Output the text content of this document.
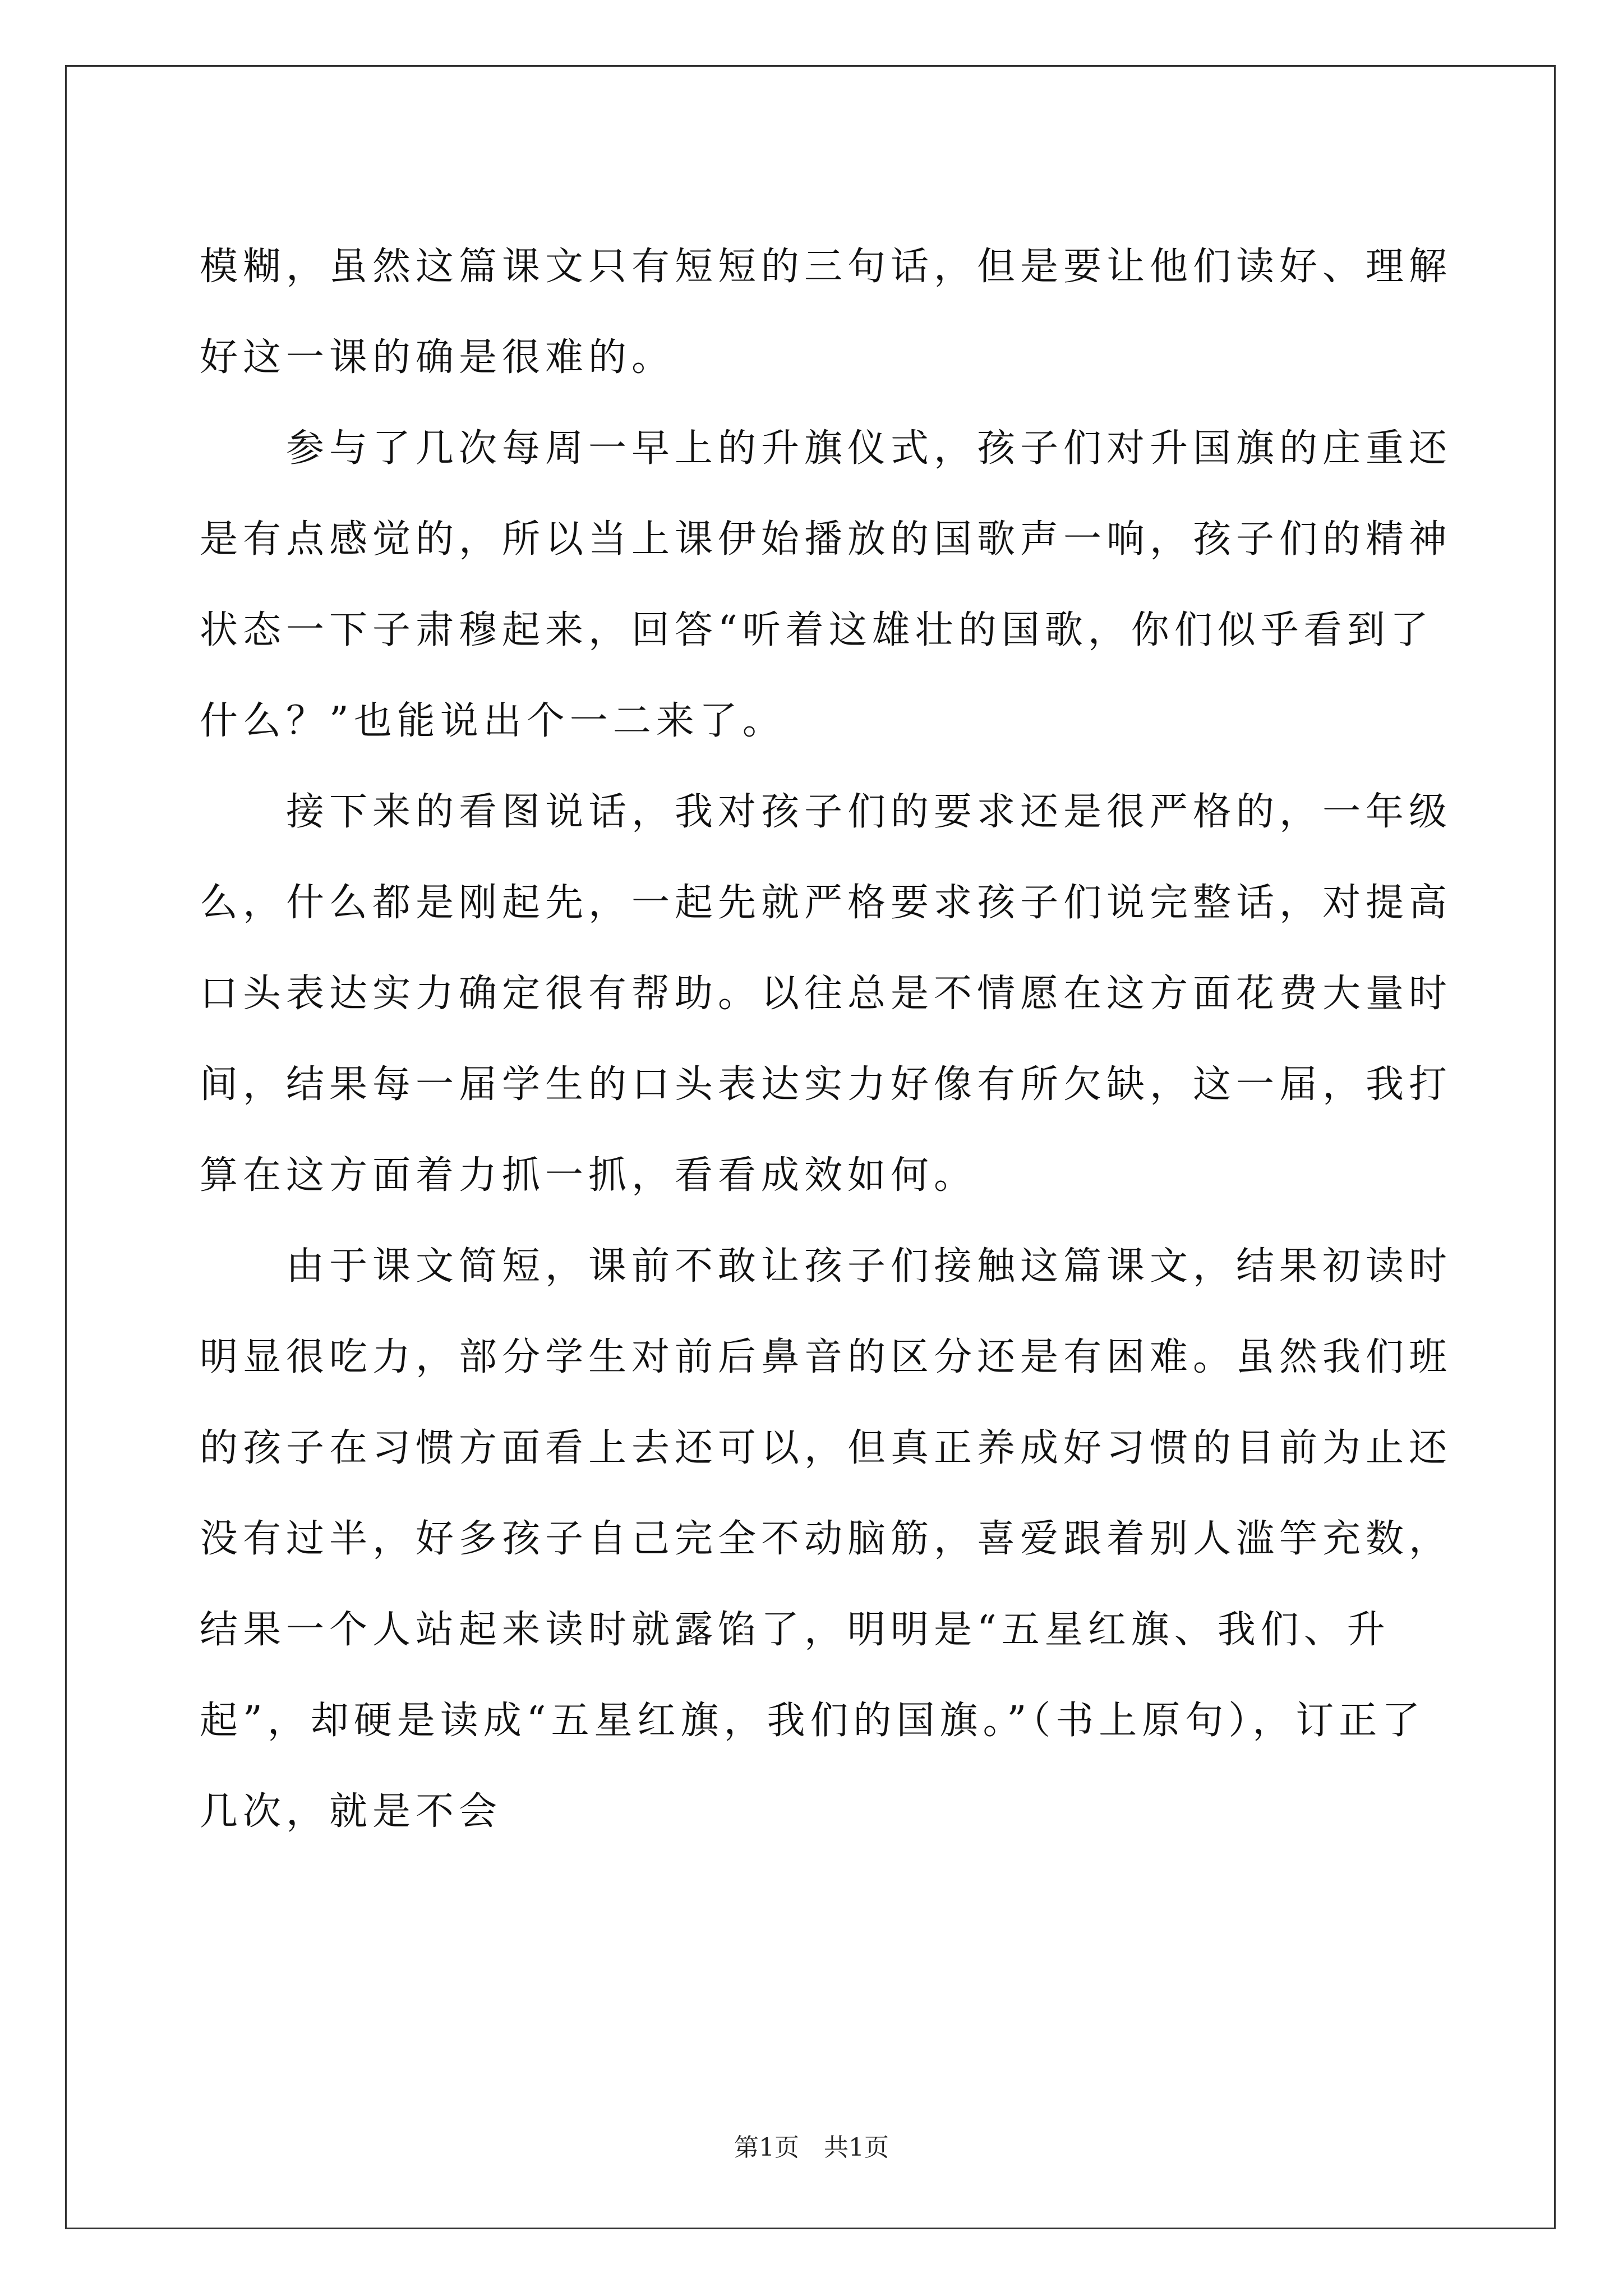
模糊，虽然这篇课文只有短短的三句话，但是要让他们读好、理解好这一课的确是很难的。

参与了几次每周一早上的升旗仪式，孩子们对升国旗的庄重还是有点感觉的，所以当上课伊始播放的国歌声一响，孩子们的精神状态一下子肃穆起来，回答“听着这雄壮的国歌，你们似乎看到了什么？”也能说出个一二来了。

接下来的看图说话，我对孩子们的要求还是很严格的，一年级么，什么都是刚起先，一起先就严格要求孩子们说完整话，对提高口头表达实力确定很有帮助。以往总是不情愿在这方面花费大量时间，结果每一届学生的口头表达实力好像有所欠缺，这一届，我打算在这方面着力抓一抓，看看成效如何。

由于课文简短，课前不敢让孩子们接触这篇课文，结果初读时明显很吃力，部分学生对前后鼻音的区分还是有困难。虽然我们班的孩子在习惯方面看上去还可以，但真正养成好习惯的目前为止还没有过半，好多孩子自己完全不动脑筋，喜爱跟着别人滥竽充数，结果一个人站起来读时就露馅了，明明是“五星红旗、我们、升起”，却硬是读成“五星红旗，我们的国旗。”（书上原句），订正了几次，就是不会

第1页　共1页
